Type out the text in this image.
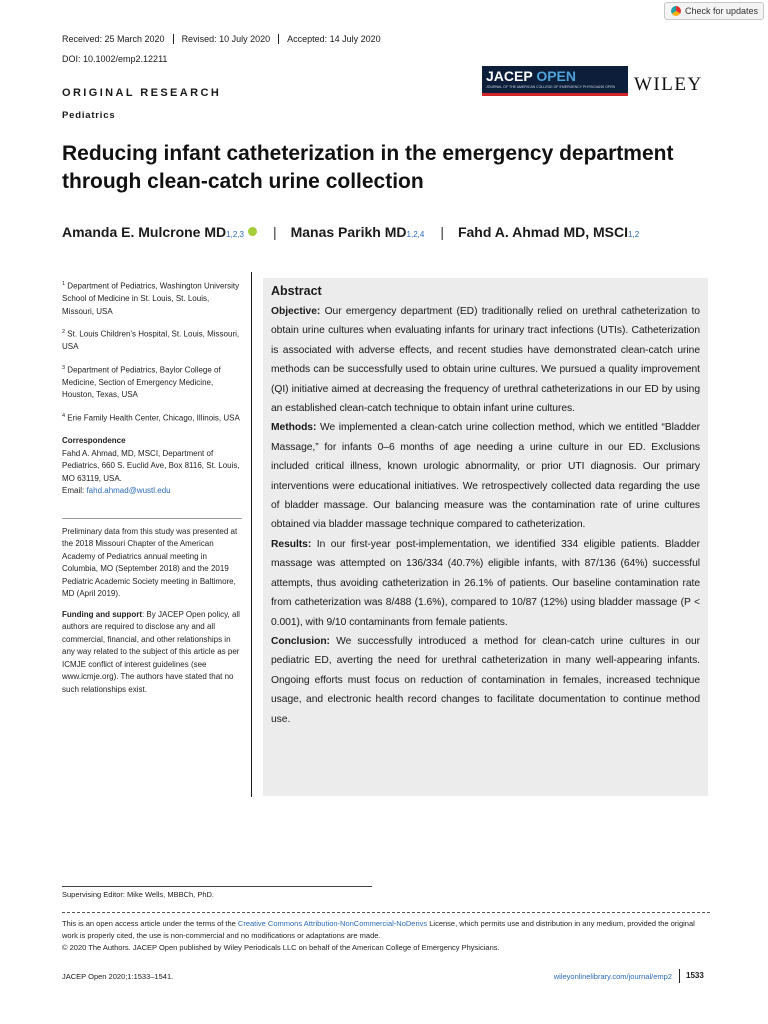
Check for updates
Received: 25 March 2020	Revised: 10 July 2020	Accepted: 14 July 2020
DOI: 10.1002/emp2.12211
JACEP OPEN
JOURNAL OF THE AMERICAN COLLEGE OF EMERGENCY PHYSICIANS OPEN WILEY
ORIGINAL RESEARCH
Pediatrics
Reducing infant catheterization in the emergency department through clean-catch urine collection
Amanda E. Mulcrone MD 1,2,3 | Manas Parikh MD 1,2,4 | Fahd A. Ahmad MD, MSCI 1,2
$^1$ Department of Pediatrics, Washington University School of Medicine in St. Louis, St. Louis, Missouri, USA
$^2$ St. Louis Children's Hospital, St. Louis, Missouri, USA
$^3$ Department of Pediatrics, Baylor College of Medicine, Section of Emergency Medicine, Houston, Texas, USA
$^4$ Erie Family Health Center, Chicago, Illinois, USA
Correspondence
Fahd A. Ahmad, MD, MSCI, Department of Pediatrics, 660 S. Euclid Ave, Box 8116, St. Louis, MO 63119, USA.
Email: fahd.ahmad@wustl.edu
Preliminary data from this study was presented at the 2018 Missouri Chapter of the American Academy of Pediatrics annual meeting in Columbia, MO (September 2018) and the 2019 Pediatric Academic Society meeting in Baltimore, MD (April 2019).
Funding and support: By JACEP Open policy, all authors are required to disclose any and all commercial, financial, and other relationships in any way related to the subject of this article as per ICMJE conflict of interest guidelines (see www.icmje.org). The authors have stated that no such relationships exist.
Abstract

Objective: Our emergency department (ED) traditionally relied on urethral catheterization to obtain urine cultures when evaluating infants for urinary tract infections (UTIs). Catheterization is associated with adverse effects, and recent studies have demonstrated clean-catch urine methods can be successfully used to obtain urine cultures. We pursued a quality improvement (QI) initiative aimed at decreasing the frequency of urethral catheterizations in our ED by using an established clean-catch technique to obtain infant urine cultures.

Methods: We implemented a clean-catch urine collection method, which we entitled “Bladder Massage,” for infants 0–6 months of age needing a urine culture in our ED. Exclusions included critical illness, known urologic abnormality, or prior UTI diagnosis. Our primary interventions were educational initiatives. We retrospectively collected data regarding the use of bladder massage. Our balancing measure was the contamination rate of urine cultures obtained via bladder massage technique compared to catheterization.

Results: In our first-year post-implementation, we identified 334 eligible patients. Bladder massage was attempted on 136/334 (40.7%) eligible infants, with 87/136 (64%) successful attempts, thus avoiding catheterization in 26.1% of patients. Our baseline contamination rate from catheterization was 8/488 (1.6%), compared to 10/87 (12%) using bladder massage (P < 0.001), with 9/10 contaminants from female patients.

Conclusion: We successfully introduced a method for clean-catch urine cultures in our pediatric ED, averting the need for urethral catheterization in many well-appearing infants. Ongoing efforts must focus on reduction of contamination in females, increased technique usage, and electronic health record changes to facilitate documentation to continue method use.

Supervising Editor: Mike Wells, MBBCh, PhD.
This is an open access article under the terms of the Creative Commons Attribution-NonCommercial-NoDerivs License, which permits use and distribution in any medium, provided the original work is properly cited, the use is non-commercial and no modifications or adaptations are made.
© 2020 The Authors. JACEP Open published by Wiley Periodicals LLC on behalf of the American College of Emergency Physicians.
JACEP Open 2020;1:1533–1541.	wileyonlinelibrary.com/journal/emp2 1533
